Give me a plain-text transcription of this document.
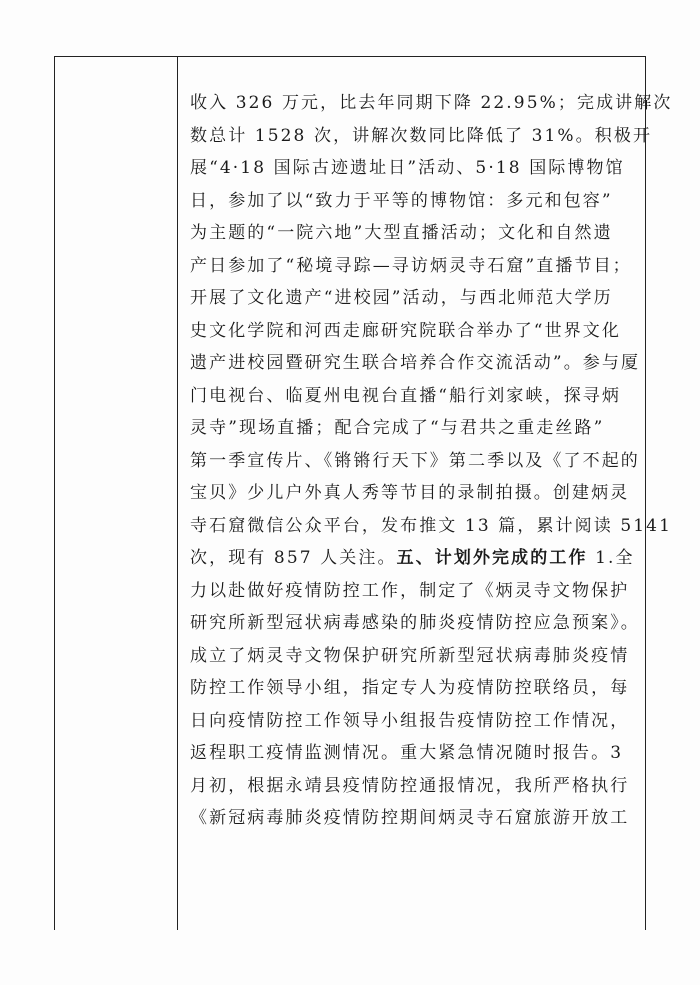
收入 326 万元，比去年同期下降 22.95%；完成讲解次
数总计 1528 次，讲解次数同比降低了 31%。积极开
展“4·18 国际古迹遗址日”活动、5·18 国际博物馆
日，参加了以“致力于平等的博物馆：多元和包容”
为主题的“一院六地”大型直播活动；文化和自然遗
产日参加了“秘境寻踪—寻访炳灵寺石窟”直播节目；
开展了文化遗产“进校园”活动，与西北师范大学历
史文化学院和河西走廊研究院联合举办了“世界文化
遗产进校园暨研究生联合培养合作交流活动”。参与厦
门电视台、临夏州电视台直播“船行刘家峡，探寻炳
灵寺”现场直播；配合完成了“与君共之重走丝路”
第一季宣传片、《锵锵行天下》第二季以及《了不起的
宝贝》少儿户外真人秀等节目的录制拍摄。创建炳灵
寺石窟微信公众平台，发布推文 13 篇，累计阅读 5141
次，现有 857 人关注。五、计划外完成的工作 1.全
力以赴做好疫情防控工作，制定了《炳灵寺文物保护
研究所新型冠状病毒感染的肺炎疫情防控应急预案》。
成立了炳灵寺文物保护研究所新型冠状病毒肺炎疫情
防控工作领导小组，指定专人为疫情防控联络员，每
日向疫情防控工作领导小组报告疫情防控工作情况，
返程职工疫情监测情况。重大紧急情况随时报告。3
月初，根据永靖县疫情防控通报情况，我所严格执行
《新冠病毒肺炎疫情防控期间炳灵寺石窟旅游开放工
